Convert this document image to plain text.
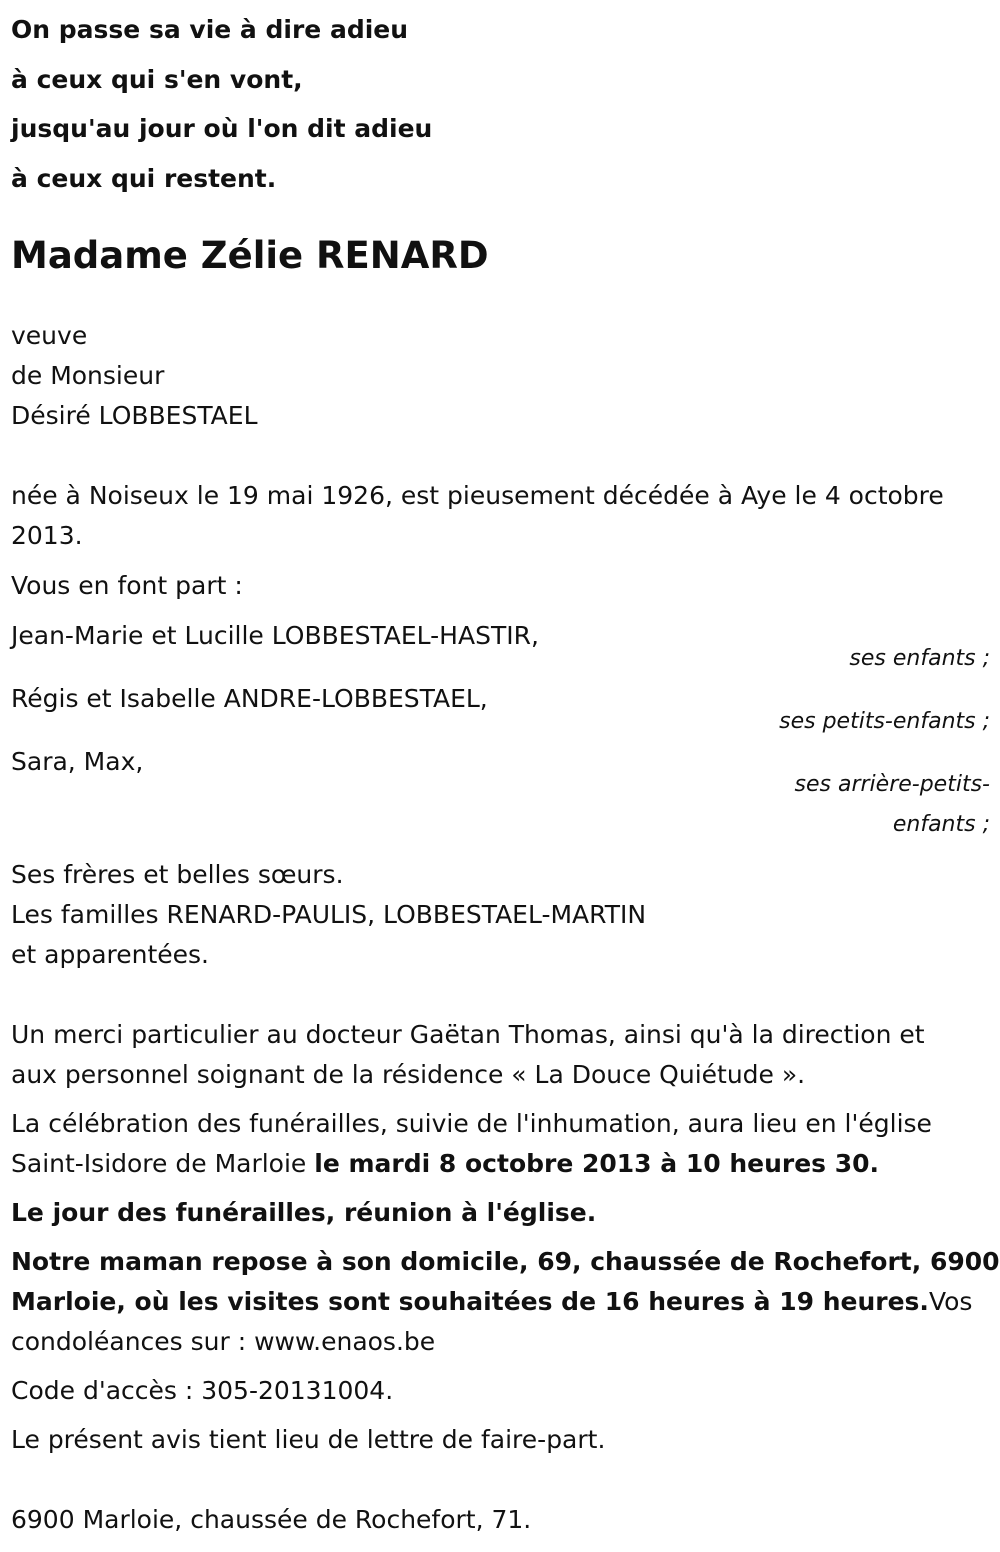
On passe sa vie à dire adieu

à ceux qui s'en vont,

jusqu'au jour où l'on dit adieu

à ceux qui restent.

Madame Zélie RENARD
veuve
de Monsieur
Désiré LOBBESTAEL
née à Noiseux le 19 mai 1926, est pieusement décédée à Aye le 4 octobre
2013.
Vous en font part :
Jean-Marie et Lucille LOBBESTAEL-HASTIR,
ses enfants ;
Régis et Isabelle ANDRE-LOBBESTAEL,
ses petits-enfants ;
Sara, Max,
ses arrière-petits-
enfants ;
Ses frères et belles sœurs.
Les familles RENARD-PAULIS, LOBBESTAEL-MARTIN
et apparentées.
Un merci particulier au docteur Gaëtan Thomas, ainsi qu'à la direction et
aux personnel soignant de la résidence « La Douce Quiétude ».
La célébration des funérailles, suivie de l'inhumation, aura lieu en l'église
Saint-Isidore de Marloie le mardi 8 octobre 2013 à 10 heures 30.
Le jour des funérailles, réunion à l'église.
Notre maman repose à son domicile, 69, chaussée de Rochefort, 6900
Marloie, où les visites sont souhaitées de 16 heures à 19 heures.Vos
condoléances sur : www.enaos.be
Code d'accès : 305-20131004.
Le présent avis tient lieu de lettre de faire-part.
6900 Marloie, chaussée de Rochefort, 71.
